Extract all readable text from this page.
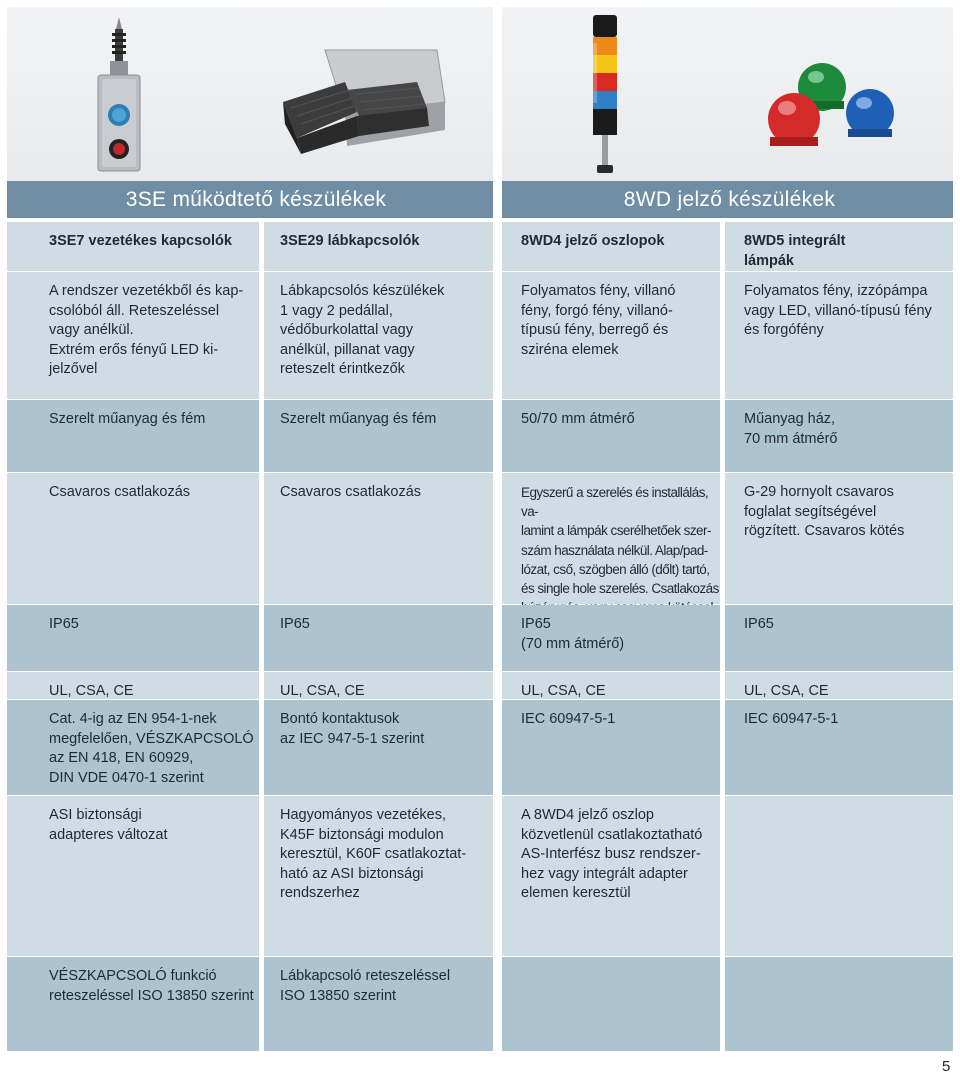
3SE működtető készülékek	8WD jelző készülékek
3SE7 vezetékes kapcsolók
A rendszer vezetékből és kap-
csolóból áll. Reteszeléssel
vagy anélkül.
Extrém erős fényű LED ki-
jelzővel
Szerelt műanyag és fém
Csavaros csatlakozás
IP65
UL, CSA, CE
Cat. 4-ig az EN 954-1-nek
megfelelően, VÉSZKAPCSOLÓ
az EN 418, EN 60929,
DIN VDE 0470-1 szerint
ASI biztonsági
adapteres változat
VÉSZKAPCSOLÓ funkció
reteszeléssel ISO 13850 szerint
3SE29 lábkapcsolók
Lábkapcsolós készülékek
1 vagy 2 pedállal,
védőburkolattal vagy
anélkül, pillanat vagy
reteszelt érintkezők
Szerelt műanyag és fém
Csavaros csatlakozás
IP65
UL, CSA, CE
Bontó kontaktusok
az IEC 947-5-1 szerint
Hagyományos vezetékes,
K45F biztonsági modulon
keresztül, K60F csatlakoztat-
ható az ASI biztonsági
rendszerhez
Lábkapcsoló reteszeléssel
ISO 13850 szerint
8WD4 jelző oszlopok
Folyamatos fény, villanó
fény, forgó fény, villanó-
típusú fény, berregő és
sziréna elemek
50/70 mm átmérő
Egyszerű a szerelés és installálás, va-
lamint a lámpák cserélhetőek szer-
szám használata nélkül. Alap/pad-
lózat, cső, szögben álló (dőlt) tartó,
és single hole szerelés. Csatlakozás

IP65
(70 mm átmérő)
UL, CSA, CE
IEC 60947-5-1
A 8WD4 jelző oszlop
közvetlenül csatlakoztatható
AS-Interfész busz rendszer-
hez vagy integrált adapter
elemen keresztül
8WD5 integrált
lámpák
Folyamatos fény, izzópámpa
vagy LED, villanó-típusú fény
és forgófény
Műanyag ház,
70 mm átmérő
G-29 hornyolt csavaros
foglalat segítségével
rögzített. Csavaros kötés
IP65
UL, CSA, CE
IEC 60947-5-1
5
